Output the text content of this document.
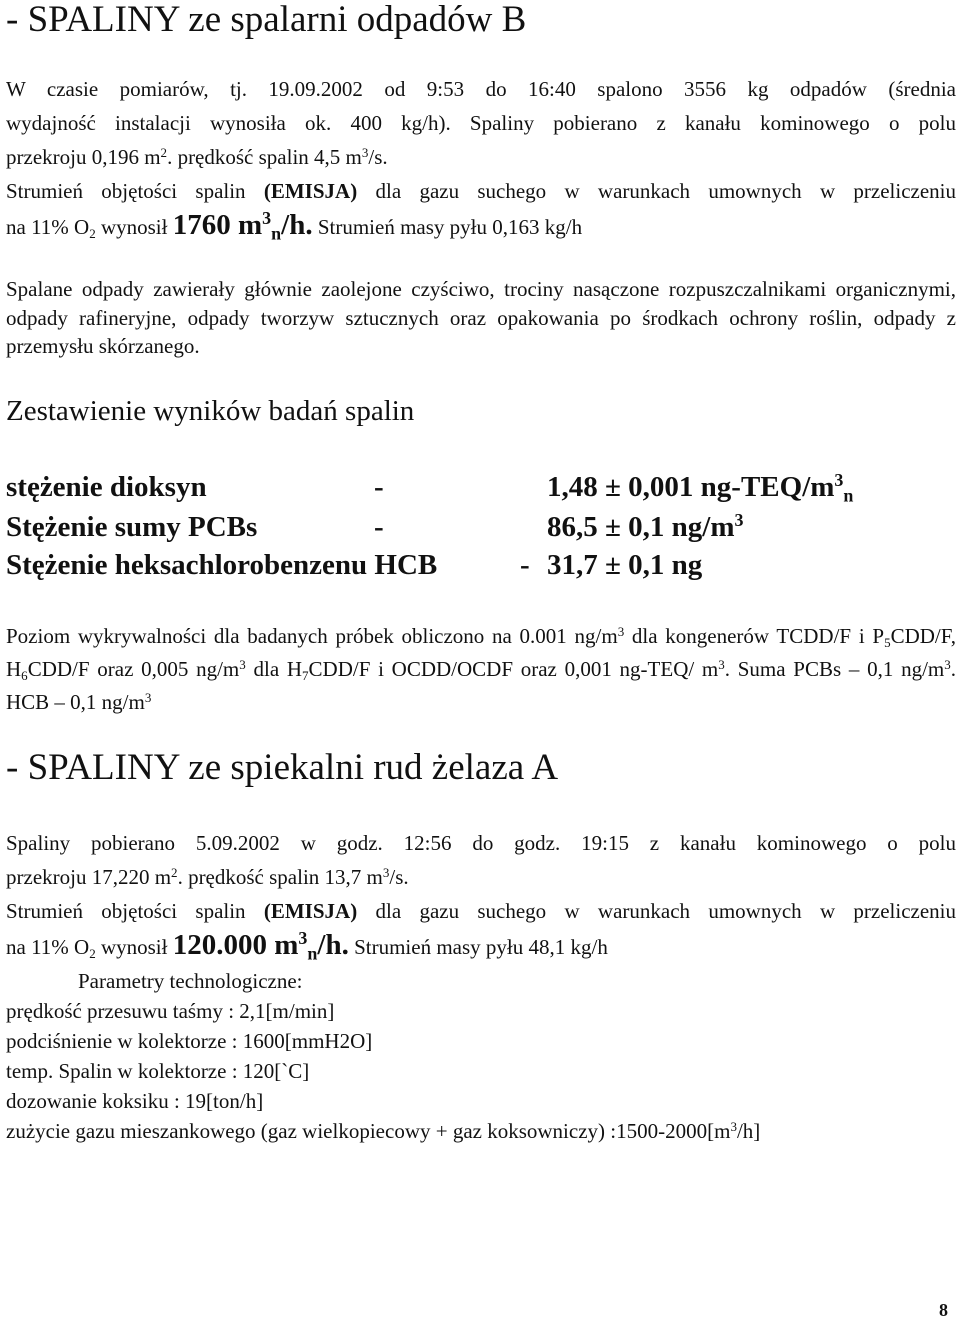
- SPALINY ze spalarni odpadów B
W czasie pomiarów, tj. 19.09.2002 od 9:53 do 16:40 spalono 3556 kg odpadów (średnia
wydajność instalacji wynosiła ok. 400 kg/h). Spaliny pobierano z kanału kominowego o polu
przekroju 0,196 $m^2$. prędkość spalin 4,5 $m^3/s$.
Strumień objętości spalin (EMISJA) dla gazu suchego w warunkach umownych w przeliczeniu
na 11% $O_2$ wynosił 1760 $m^3_n/h$. Strumień masy pyłu 0,163 kg/h

Spalane odpady zawierały głównie zaolejone czyściwo, trociny nasączone rozpuszczalnikami organicznymi, odpady rafineryjne, odpady tworzyw sztucznych oraz opakowania po środkach ochrony roślin, odpady z przemysłu skórzanego.

Zestawienie wyników badań spalin
stężenie dioksyn	-	1,48 ± 0,001 $ng-TEQ/m^3_n$
Stężenie sumy PCBs	-	86,5 ± 0,1 $ng/m^3$
Stężenie heksachlorobenzenu HCB	- 31,7 ± 0,1 ng

Poziom wykrywalności dla badanych próbek obliczono na 0.001 $ng/m^3$ dla kongenerów TCDD/F i $P_5CDD/F$, $H_6CDD/F$ oraz 0,005 $ng/m^3$ dla $H_7CDD/F$ i OCDD/OCDF oraz 0,001 ng-TEQ/ $m^3$. Suma PCBs – 0,1 $ng/m^3$. HCB – 0,1 $ng/m^3$

- SPALINY ze spiekalni rud żelaza A
Spaliny pobierano 5.09.2002 w godz. 12:56 do godz. 19:15 z kanału kominowego o polu
przekroju 17,220 $m^2$. prędkość spalin 13,7 $m^3/s$.
Strumień objętości spalin (EMISJA) dla gazu suchego w warunkach umownych w przeliczeniu
na 11% $O_2$ wynosił 120.000 $m^3_n/h$. Strumień masy pyłu 48,1 kg/h
Parametry technologiczne:
prędkość przesuwu taśmy : 2,1[m/min]
podciśnienie w kolektorze : 1600[mmH2O]
temp. Spalin w kolektorze : 120[`C]
dozowanie koksiku : 19[ton/h]
zużycie gazu mieszankowego (gaz wielkopiecowy + gaz koksowniczy) $:1500-2000[m^3/h]$
8
